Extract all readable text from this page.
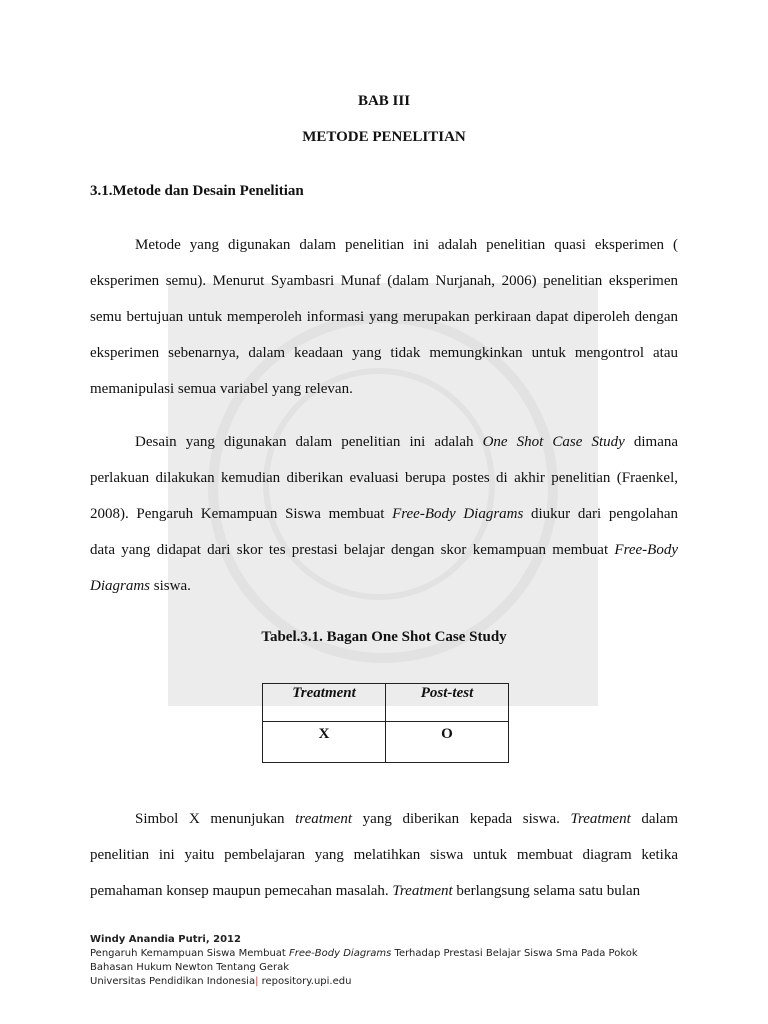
BAB III
METODE PENELITIAN
3.1.Metode dan Desain Penelitian
Metode yang digunakan dalam penelitian ini adalah penelitian quasi eksperimen (
eksperimen semu). Menurut Syambasri Munaf (dalam Nurjanah, 2006) penelitian eksperimen
semu bertujuan untuk memperoleh informasi yang merupakan perkiraan dapat diperoleh dengan
eksperimen sebenarnya, dalam keadaan yang tidak memungkinkan untuk mengontrol atau
memanipulasi semua variabel yang relevan.
Desain yang digunakan dalam penelitian ini adalah One Shot Case Study dimana
perlakuan dilakukan kemudian diberikan evaluasi berupa postes di akhir penelitian (Fraenkel,
2008). Pengaruh Kemampuan Siswa membuat Free-Body Diagrams diukur dari pengolahan
data yang didapat dari skor tes prestasi belajar dengan skor kemampuan membuat Free-Body
Diagrams siswa.
Tabel.3.1. Bagan One Shot Case Study
Treatment	Post-test
X	O
Simbol X menunjukan treatment yang diberikan kepada siswa. Treatment dalam
penelitian ini yaitu pembelajaran yang melatihkan siswa untuk membuat diagram ketika
pemahaman konsep maupun pemecahan masalah. Treatment berlangsung selama satu bulan
Windy Anandia Putri, 2012
Pengaruh Kemampuan Siswa Membuat Free-Body Diagrams Terhadap Prestasi Belajar Siswa Sma Pada Pokok
Bahasan Hukum Newton Tentang Gerak
Universitas Pendidikan Indonesia| repository.upi.edu
